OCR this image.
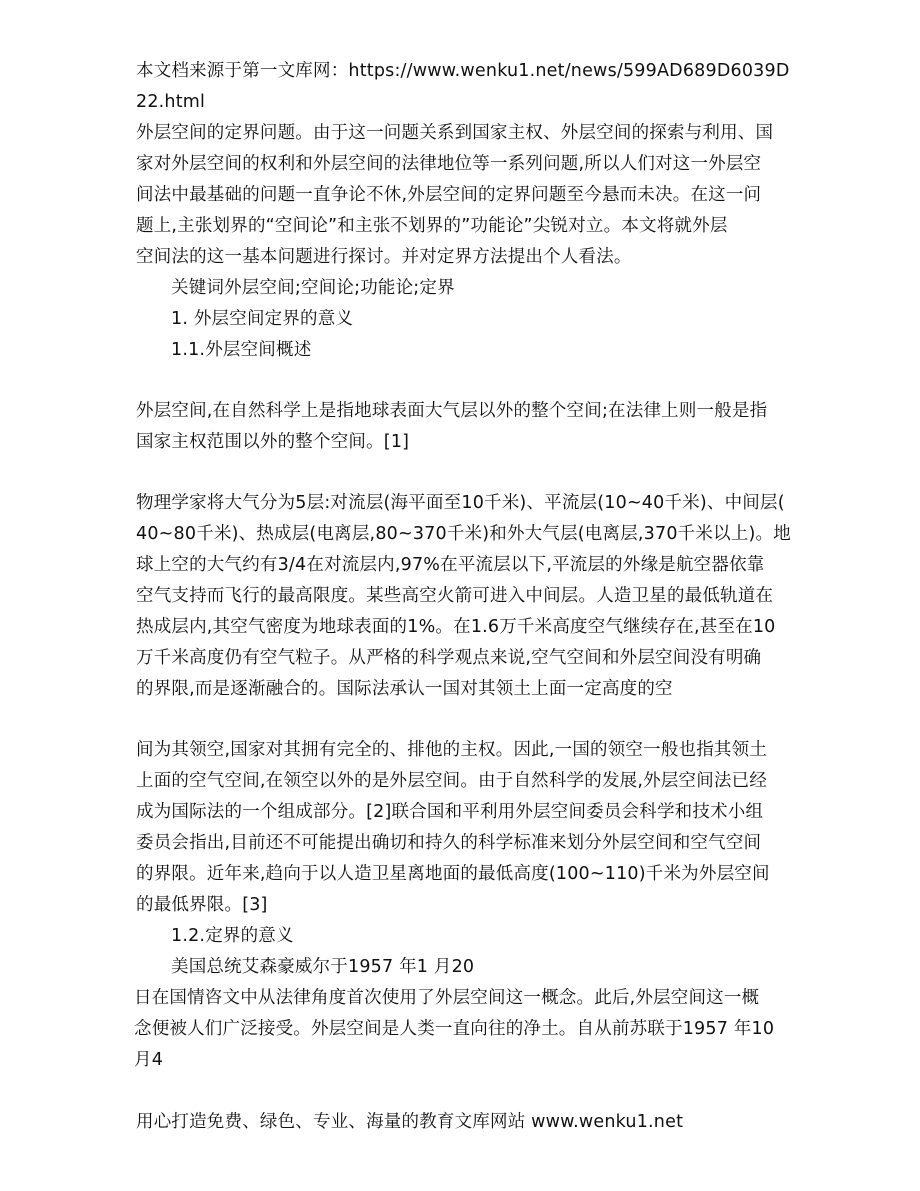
本文档来源于第一文库网：https://www.wenku1.net/news/599AD689D6039D
22.html
外层空间的定界问题。由于这一问题关系到国家主权、外层空间的探索与利用、国
家对外层空间的权利和外层空间的法律地位等一系列问题,所以人们对这一外层空
间法中最基础的问题一直争论不休,外层空间的定界问题至今悬而未决。在这一问
题上,主张划界的“空间论”和主张不划界的”功能论”尖锐对立。本文将就外层
空间法的这一基本问题进行探讨。并对定界方法提出个人看法。
关键词外层空间;空间论;功能论;定界
1. 外层空间定界的意义
1.1.外层空间概述
外层空间,在自然科学上是指地球表面大气层以外的整个空间;在法律上则一般是指
国家主权范围以外的整个空间。[1]
物理学家将大气分为5层:对流层(海平面至10千米)、平流层(10~40千米)、中间层(
40~80千米)、热成层(电离层,80~370千米)和外大气层(电离层,370千米以上)。地
球上空的大气约有3/4在对流层内,97%在平流层以下,平流层的外缘是航空器依靠
空气支持而飞行的最高限度。某些高空火箭可进入中间层。人造卫星的最低轨道在
热成层内,其空气密度为地球表面的1%。在1.6万千米高度空气继续存在,甚至在10
万千米高度仍有空气粒子。从严格的科学观点来说,空气空间和外层空间没有明确
的界限,而是逐渐融合的。国际法承认一国对其领土上面一定高度的空
间为其领空,国家对其拥有完全的、排他的主权。因此,一国的领空一般也指其领土
上面的空气空间,在领空以外的是外层空间。由于自然科学的发展,外层空间法已经
成为国际法的一个组成部分。[2]联合国和平利用外层空间委员会科学和技术小组
委员会指出,目前还不可能提出确切和持久的科学标准来划分外层空间和空气空间
的界限。近年来,趋向于以人造卫星离地面的最低高度(100~110)千米为外层空间
的最低界限。[3]
1.2.定界的意义
美国总统艾森豪威尔于1957 年1 月20
日在国情咨文中从法律角度首次使用了外层空间这一概念。此后,外层空间这一概
念便被人们广泛接受。外层空间是人类一直向往的净土。自从前苏联于1957 年10
月4
用心打造免费、绿色、专业、海量的教育文库网站 www.wenku1.net
